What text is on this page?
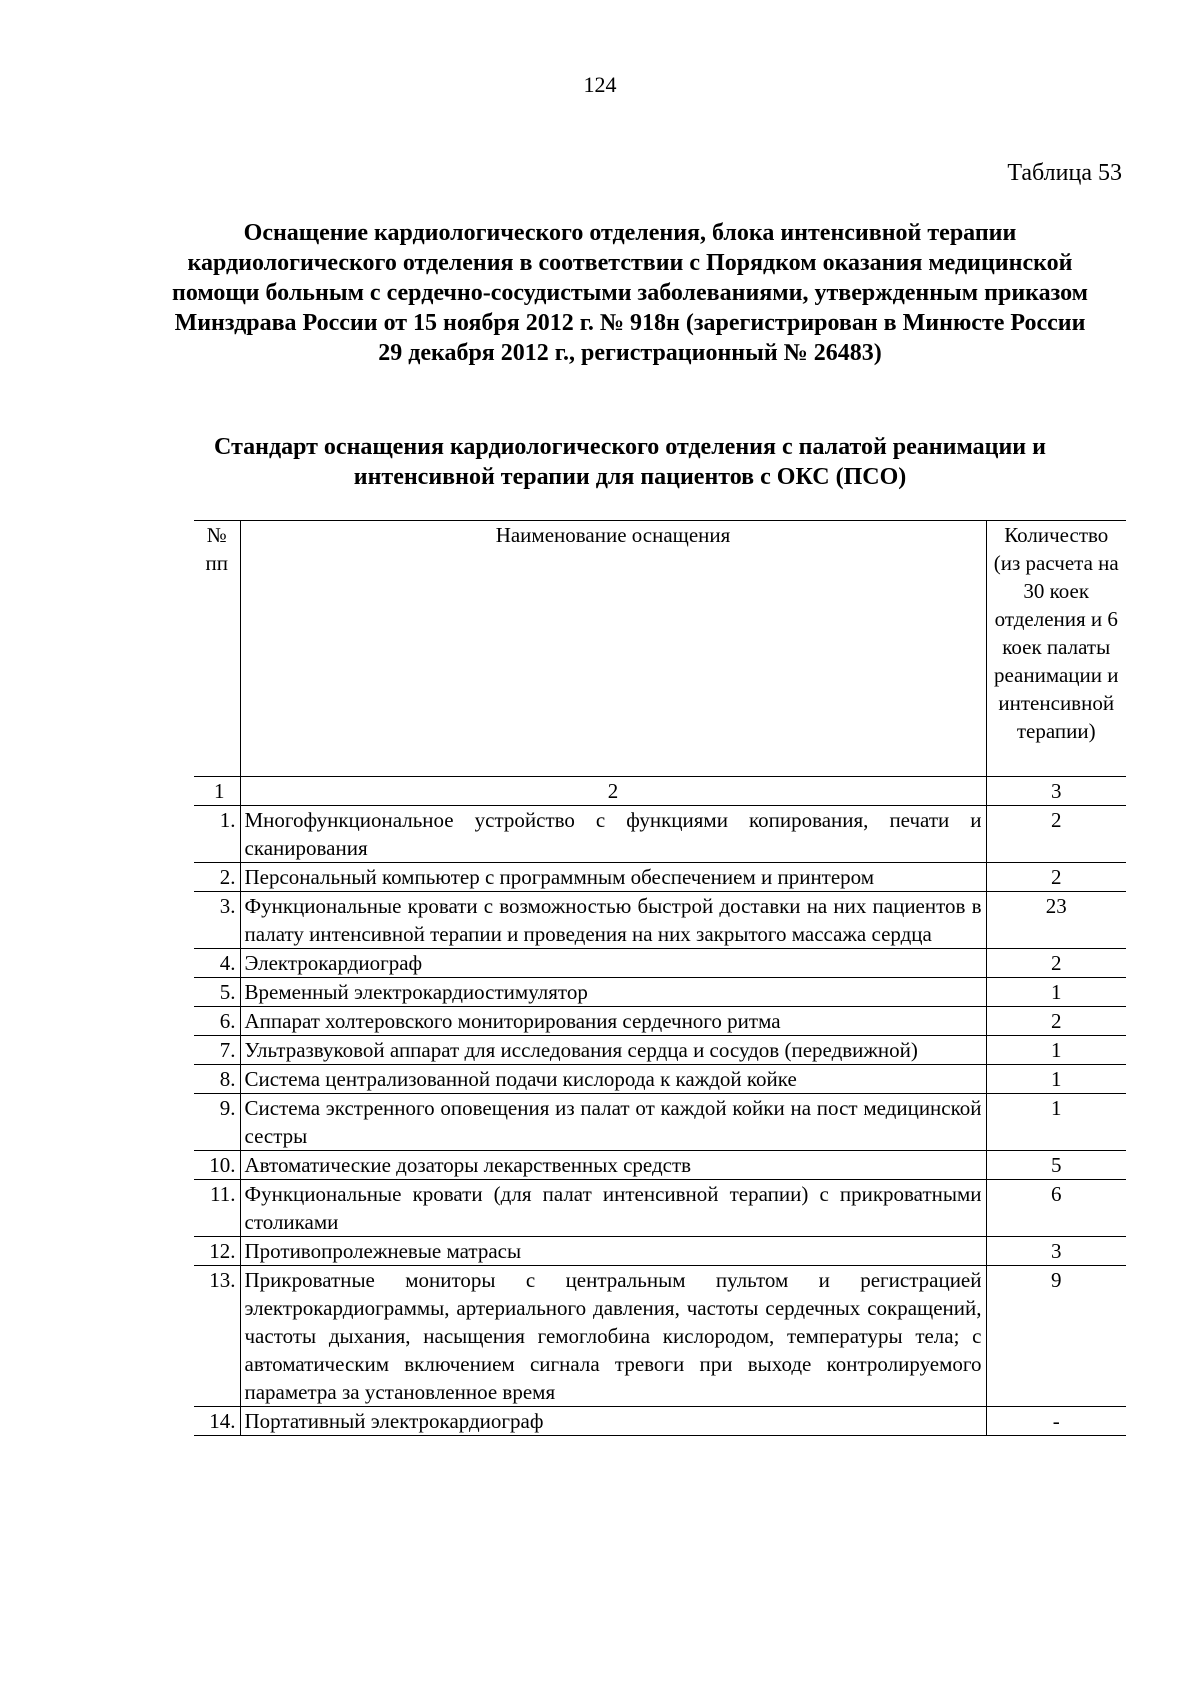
124
Таблица 53
Оснащение кардиологического отделения, блока интенсивной терапии кардиологического отделения в соответствии с Порядком оказания медицинской помощи больным с сердечно-сосудистыми заболеваниями, утвержденным приказом Минздрава России от 15 ноября 2012 г. № 918н (зарегистрирован в Минюсте России 29 декабря 2012 г., регистрационный № 26483)
Стандарт оснащения кардиологического отделения с палатой реанимации и интенсивной терапии для пациентов с ОКС (ПСО)
№ пп	Наименование оснащения	Количество (из расчета на 30 коек отделения и 6 коек палаты реанимации и интенсивной терапии)
1	2	3
1.	Многофункциональное устройство с функциями копирования, печати и сканирования	2
2.	Персональный компьютер с программным обеспечением и принтером	2
3.	Функциональные кровати с возможностью быстрой доставки на них пациентов в палату интенсивной терапии и проведения на них закрытого массажа сердца	23
4.	Электрокардиограф	2
5.	Временный электрокардиостимулятор	1
6.	Аппарат холтеровского мониторирования сердечного ритма	2
7.	Ультразвуковой аппарат для исследования сердца и сосудов (передвижной)	1
8.	Система централизованной подачи кислорода к каждой койке	1
9.	Система экстренного оповещения из палат от каждой койки на пост медицинской сестры	1
10.	Автоматические дозаторы лекарственных средств	5
11.	Функциональные кровати (для палат интенсивной терапии) с прикроватными столиками	6
12.	Противопролежневые матрасы	3
13.	Прикроватные мониторы с центральным пультом и регистрацией электрокардиограммы, артериального давления, частоты сердечных сокращений, частоты дыхания, насыщения гемоглобина кислородом, температуры тела; с автоматическим включением сигнала тревоги при выходе контролируемого параметра за установленное время	9
14.	Портативный электрокардиограф	-
